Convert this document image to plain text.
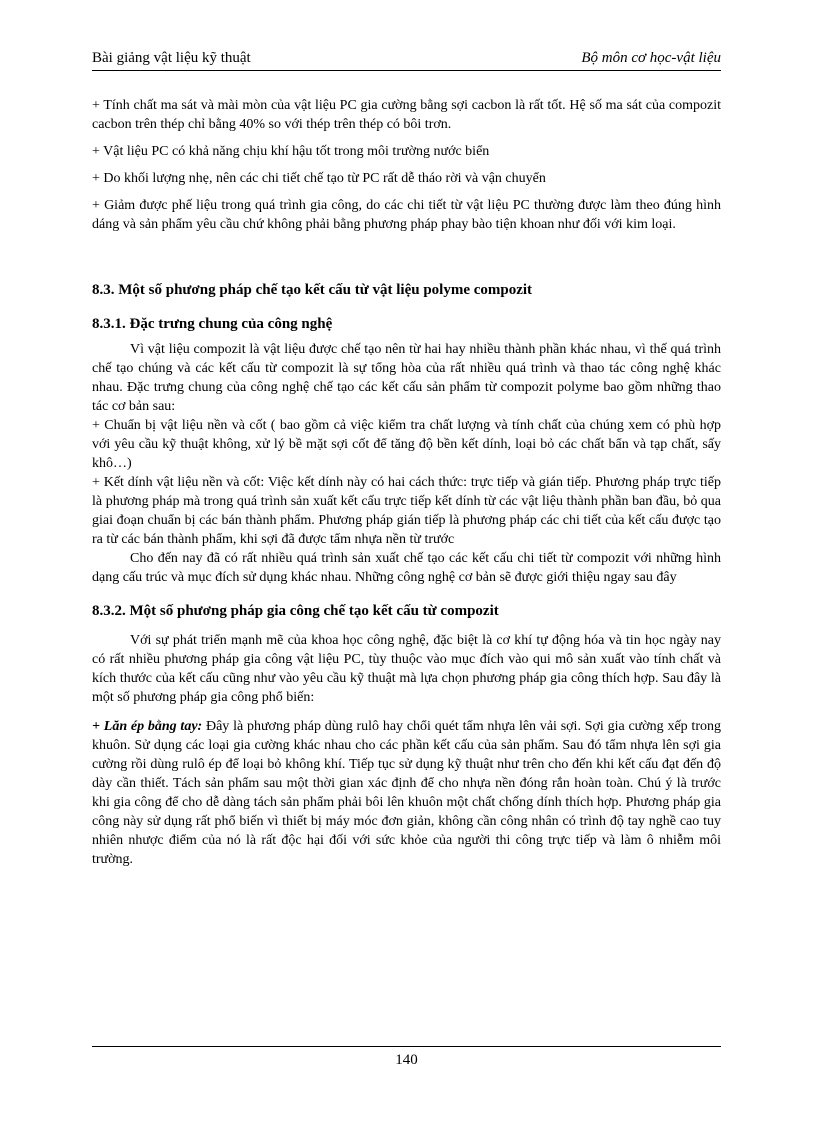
Bài giảng vật liệu kỹ thuật	Bộ môn cơ học-vật liệu

+ Tính chất ma sát và mài mòn của vật liệu PC gia cường bằng sợi cacbon là rất tốt. Hệ số ma sát của compozit cacbon trên thép chỉ bằng 40% so với thép trên thép có bôi trơn.

+ Vật liệu PC có khả năng chịu khí hậu tốt trong môi trường nước biển

+ Do khối lượng nhẹ, nên các chi tiết chế tạo từ PC rất dễ tháo rời và vận chuyển

+ Giảm được phế liệu trong quá trình gia công, do các chi tiết từ vật liệu PC thường được làm theo đúng hình dáng và sản phẩm yêu cầu chứ không phải bằng phương pháp phay bào tiện khoan như đối với kim loại.

8.3. Một số phương pháp chế tạo kết cấu từ vật liệu polyme compozit
8.3.1. Đặc trưng chung của công nghệ

Vì vật liệu compozit là vật liệu được chế tạo nên từ hai hay nhiều thành phần khác nhau, vì thế quá trình chế tạo chúng và các kết cấu từ compozit là sự tổng hòa của rất nhiều quá trình và thao tác công nghệ khác nhau. Đặc trưng chung của công nghệ chế tạo các kết cấu sản phẩm từ compozit polyme bao gồm những thao tác cơ bản sau:

+ Chuẩn bị vật liệu nền và cốt ( bao gồm cả việc kiểm tra chất lượng và tính chất của chúng xem có phù hợp với yêu cầu kỹ thuật không, xử lý bề mặt sợi cốt để tăng độ bền kết dính, loại bỏ các chất bẩn và tạp chất, sấy khô…)

+ Kết dính vật liệu nền và cốt: Việc kết dính này có hai cách thức: trực tiếp và gián tiếp. Phương pháp trực tiếp là phương pháp mà trong quá trình sản xuất kết cấu trực tiếp kết dính từ các vật liệu thành phần ban đầu, bỏ qua giai đoạn chuẩn bị các bán thành phẩm. Phương pháp gián tiếp là phương pháp các chi tiết của kết cấu được tạo ra từ các bán thành phẩm, khi sợi đã được tẩm nhựa nền từ trước

Cho đến nay đã có rất nhiều quá trình sản xuất chế tạo các kết cấu chi tiết từ compozit với những hình dạng cấu trúc và mục đích sử dụng khác nhau. Những công nghệ cơ bản sẽ được giới thiệu ngay sau đây

8.3.2. Một số phương pháp gia công chế tạo kết cấu từ compozit

Với sự phát triển mạnh mẽ của khoa học công nghệ, đặc biệt là cơ khí tự động hóa và tin học ngày nay có rất nhiều phương pháp gia công vật liệu PC, tùy thuộc vào mục đích vào qui mô sản xuất vào tính chất và kích thước của kết cấu cũng như vào yêu cầu kỹ thuật mà lựa chọn phương pháp gia công thích hợp. Sau đây là một số phương pháp gia công phổ biến:

+ Lăn ép bằng tay: Đây là phương pháp dùng rulô hay chổi quét tẩm nhựa lên vải sợi. Sợi gia cường xếp trong khuôn. Sử dụng các loại gia cường khác nhau cho các phần kết cấu của sản phẩm. Sau đó tẩm nhựa lên sợi gia cường rồi dùng rulô ép để loại bỏ không khí. Tiếp tục sử dụng kỹ thuật như trên cho đến khi kết cấu đạt đến độ dày cần thiết. Tách sản phẩm sau một thời gian xác định để cho nhựa nền đóng rắn hoàn toàn. Chú ý là trước khi gia công để cho dễ dàng tách sản phẩm phải bôi lên khuôn một chất chống dính thích hợp. Phương pháp gia công này sử dụng rất phổ biến vì thiết bị máy móc đơn giản, không cần công nhân có trình độ tay nghề cao tuy nhiên nhược điểm của nó là rất độc hại đối với sức khỏe của người thi công trực tiếp và làm ô nhiễm môi trường.

140
